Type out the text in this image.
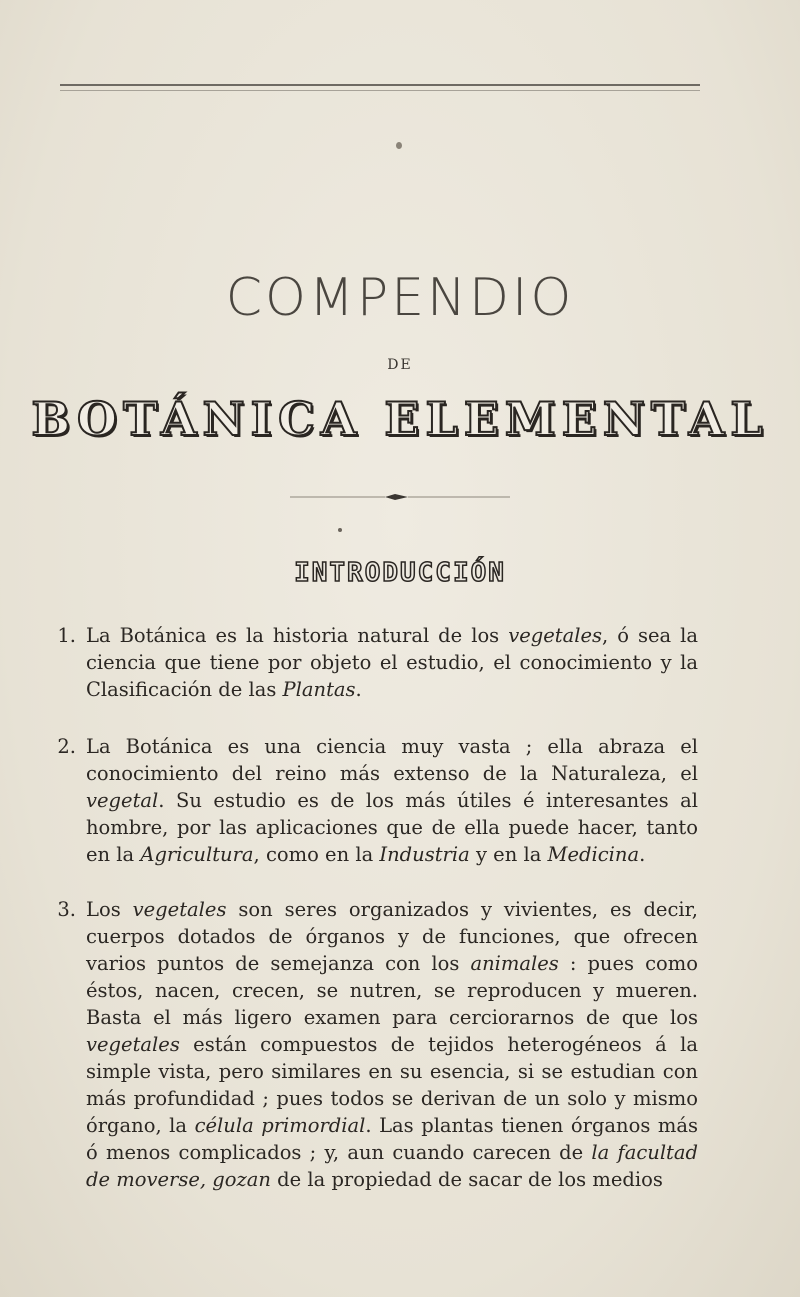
COMPENDIO
DE
BOTÁNICA ELEMENTAL
INTRODUCCIÓN
1. La Botánica es la historia natural de los vegetales, ó sea la ciencia que tiene por objeto el estudio, el conocimiento y la Clasificación de las Plantas.
2. La Botánica es una ciencia muy vasta ; ella abraza el conocimiento del reino más extenso de la Naturaleza, el vegetal. Su estudio es de los más útiles é interesantes al hombre, por las aplicaciones que de ella puede hacer, tanto en la Agricultura, como en la Industria y en la Medicina.
3. Los vegetales son seres organizados y vivientes, es decir, cuerpos dotados de órganos y de funciones, que ofrecen varios puntos de semejanza con los animales : pues como éstos, nacen, crecen, se nutren, se reproducen y mueren. Basta el más ligero examen para cerciorarnos de que los vegetales están compuestos de tejidos heterogéneos á la simple vista, pero similares en su esencia, si se estudian con más profundidad ; pues todos se derivan de un solo y mismo órgano, la célula primordial. Las plantas tienen órganos más ó menos complicados ; y, aun cuando carecen de la facultad de moverse, gozan de la propiedad de sacar de los medios
